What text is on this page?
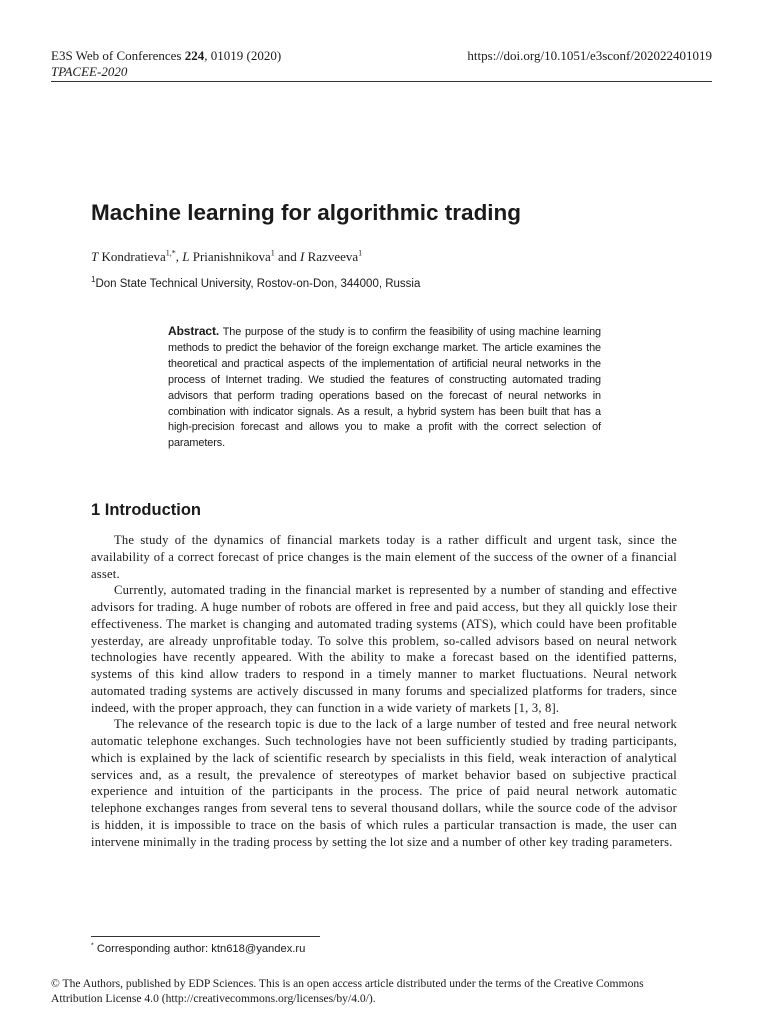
E3S Web of Conferences 224, 01019 (2020)
TPACEE-2020
https://doi.org/10.1051/e3sconf/202022401019
Machine learning for algorithmic trading
T Kondratieva$^{1,*}$, L Prianishnikova$^1$ and I Razveeva$^1$
$^1$Don State Technical University, Rostov-on-Don, 344000, Russia

Abstract. The purpose of the study is to confirm the feasibility of using machine learning methods to predict the behavior of the foreign exchange market. The article examines the theoretical and practical aspects of the implementation of artificial neural networks in the process of Internet trading. We studied the features of constructing automated trading advisors that perform trading operations based on the forecast of neural networks in combination with indicator signals. As a result, a hybrid system has been built that has a high-precision forecast and allows you to make a profit with the correct selection of parameters.

1 Introduction

The study of the dynamics of financial markets today is a rather difficult and urgent task, since the availability of a correct forecast of price changes is the main element of the success of the owner of a financial asset.

Currently, automated trading in the financial market is represented by a number of standing and effective advisors for trading. A huge number of robots are offered in free and paid access, but they all quickly lose their effectiveness. The market is changing and automated trading systems (ATS), which could have been profitable yesterday, are already unprofitable today. To solve this problem, so-called advisors based on neural network technologies have recently appeared. With the ability to make a forecast based on the identified patterns, systems of this kind allow traders to respond in a timely manner to market fluctuations. Neural network automated trading systems are actively discussed in many forums and specialized platforms for traders, since indeed, with the proper approach, they can function in a wide variety of markets [1, 3, 8].

The relevance of the research topic is due to the lack of a large number of tested and free neural network automatic telephone exchanges. Such technologies have not been sufficiently studied by trading participants, which is explained by the lack of scientific research by specialists in this field, weak interaction of analytical services and, as a result, the prevalence of stereotypes of market behavior based on subjective practical experience and intuition of the participants in the process. The price of paid neural network automatic telephone exchanges ranges from several tens to several thousand dollars, while the source code of the advisor is hidden, it is impossible to trace on the basis of which rules a particular transaction is made, the user can intervene minimally in the trading process by setting the lot size and a number of other key trading parameters.

* Corresponding author: ktn618@yandex.ru
© The Authors, published by EDP Sciences. This is an open access article distributed under the terms of the Creative Commons
Attribution License 4.0 (http://creativecommons.org/licenses/by/4.0/).
